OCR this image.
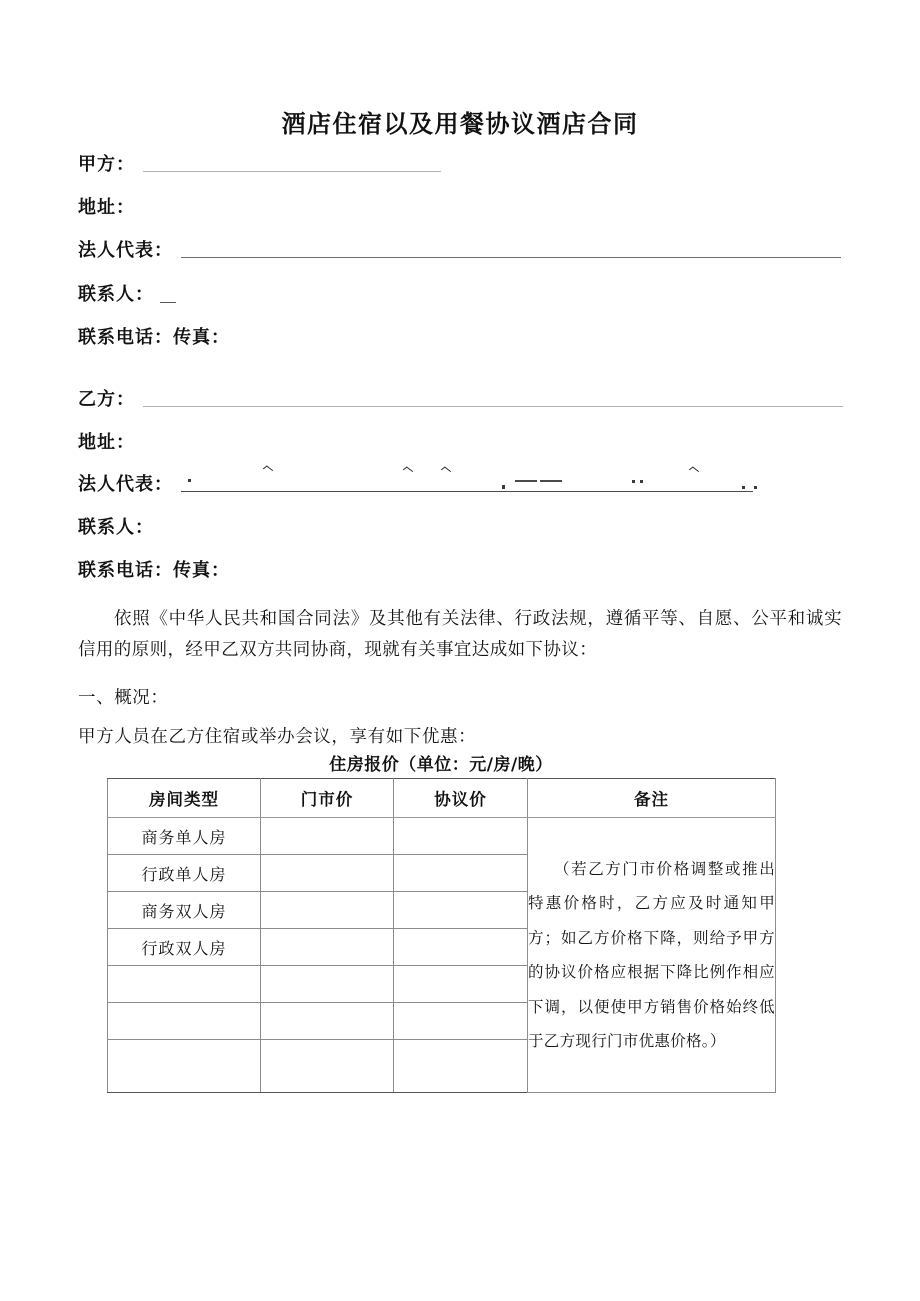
酒店住宿以及用餐协议酒店合同
甲方：
地址：
法人代表：
联系人：
联系电话：传真：
乙方：
地址：
法人代表：
联系人：
联系电话：传真：
依照《中华人民共和国合同法》及其他有关法律、行政法规，遵循平等、自愿、公平和诚实信用的原则，经甲乙双方共同协商，现就有关事宜达成如下协议：
一、概况：
甲方人员在乙方住宿或举办会议，享有如下优惠：
住房报价（单位：元/房/晚）
房间类型	门市价	协议价	备注
商务单人房			（若乙方门市价格调整或推出特惠价格时，乙方应及时通知甲方；如乙方价格下降，则给予甲方的协议价格应根据下降比例作相应下调，以便使甲方销售价格始终低于乙方现行门市优惠价格。）
行政单人房			
商务双人房			
行政双人房			
